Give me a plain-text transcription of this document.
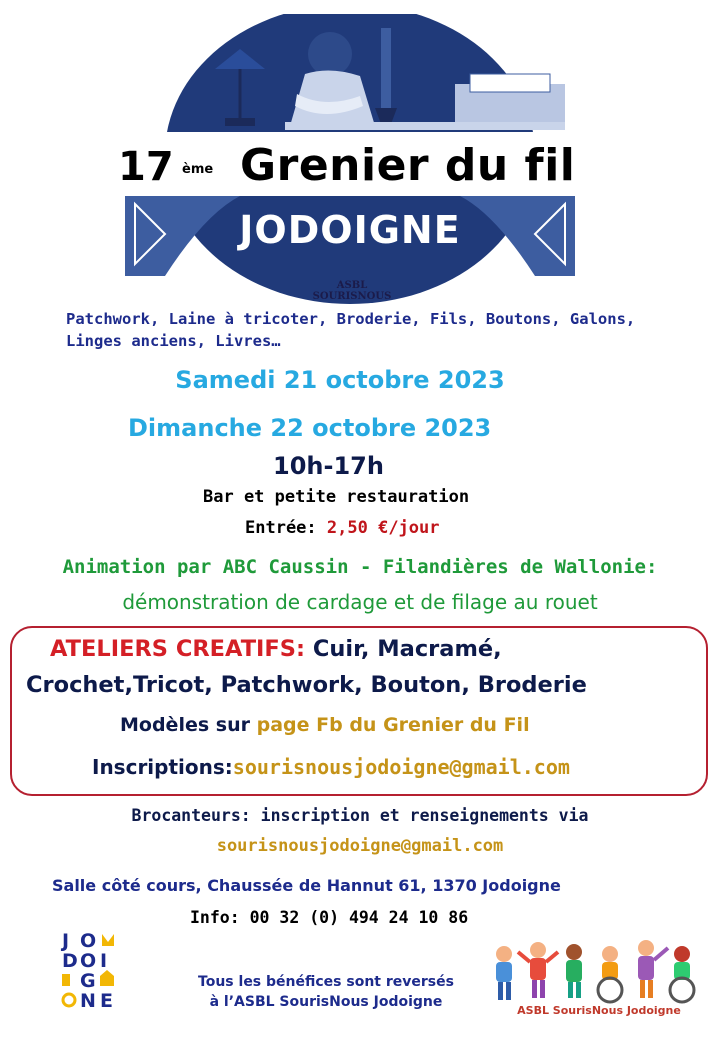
17 ème Grenier du fil
JODOIGNE
ASBL SOURISNOUS
Patchwork, Laine à tricoter, Broderie, Fils, Boutons, Galons, Linges anciens, Livres…
Samedi 21 octobre 2023
Dimanche 22 octobre 2023
10h-17h
Bar et petite restauration
Entrée: 2,50 €/jour
Animation par ABC Caussin - Filandières de Wallonie:
démonstration de cardage et de filage au rouet
ATELIERS CREATIFS: Cuir, Macramé,
Crochet,Tricot, Patchwork, Bouton, Broderie
Modèles sur page Fb du Grenier du Fil
Inscriptions:sourisnousjodoigne@gmail.com
Brocanteurs: inscription et renseignements via
sourisnousjodoigne@gmail.com
Salle côté cours, Chaussée de Hannut 61, 1370 Jodoigne
Info: 00 32 (0) 494 24 10 86
J O
D O I
G
N E
Tous les bénéfices sont reversés
à l’ASBL SourisNous Jodoigne
ASBL SourisNous Jodoigne
